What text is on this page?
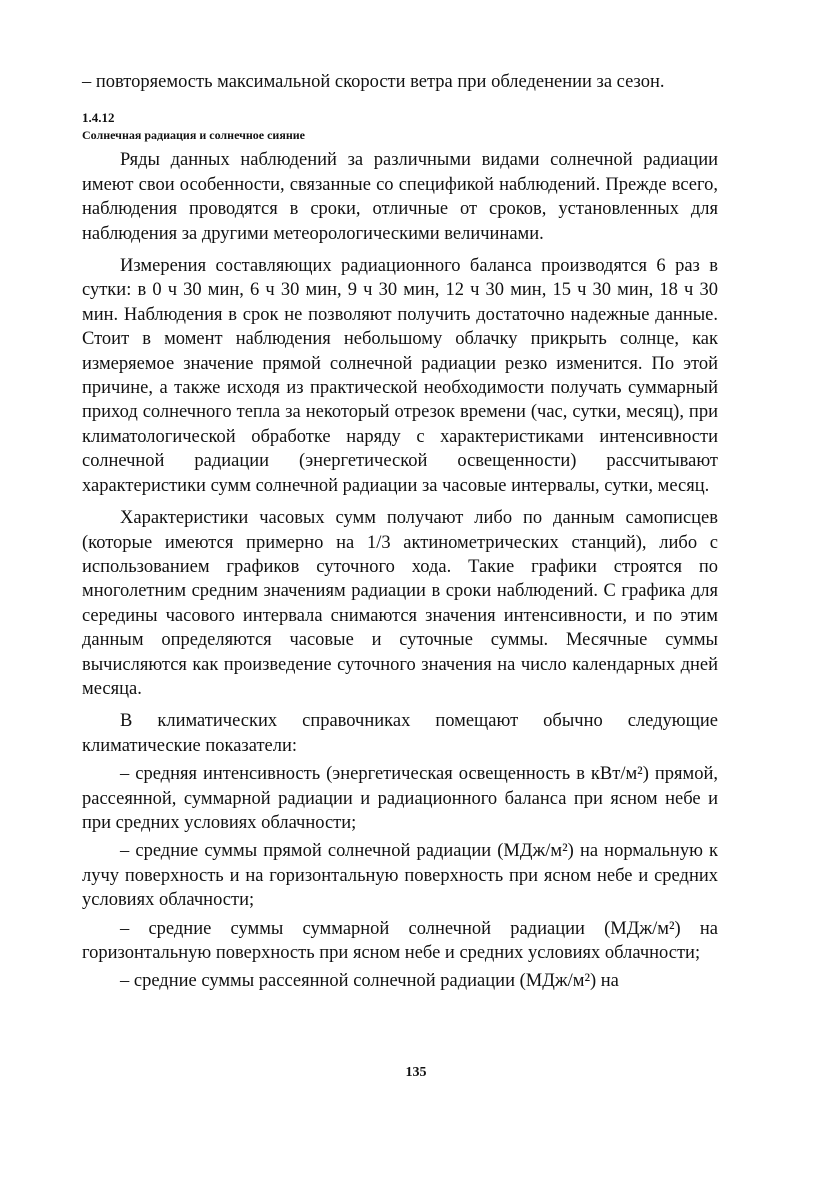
– повторяемость максимальной скорости ветра при обледенении за сезон.

1.4.12
Солнечная радиация и солнечное сияние

Ряды данных наблюдений за различными видами солнечной радиации имеют свои особенности, связанные со спецификой наблюдений. Прежде всего, наблюдения проводятся в сроки, отличные от сроков, установленных для наблюдения за другими метеорологическими величинами.

Измерения составляющих радиационного баланса производятся 6 раз в сутки: в 0 ч 30 мин, 6 ч 30 мин, 9 ч 30 мин, 12 ч 30 мин, 15 ч 30 мин, 18 ч 30 мин. Наблюдения в срок не позволяют получить достаточно надежные данные. Стоит в момент наблюдения небольшому облачку прикрыть солнце, как измеряемое значение прямой солнечной радиации резко изменится. По этой причине, а также исходя из практической необходимости получать суммарный приход солнечного тепла за некоторый отрезок времени (час, сутки, месяц), при климатологической обработке наряду с характеристиками интенсивности солнечной радиации (энергетической освещенности) рассчитывают характеристики сумм солнечной радиации за часовые интервалы, сутки, месяц.

Характеристики часовых сумм получают либо по данным самописцев (которые имеются примерно на 1/3 актинометрических станций), либо с использованием графиков суточного хода. Такие графики строятся по многолетним средним значениям радиации в сроки наблюдений. С графика для середины часового интервала снимаются значения интенсивности, и по этим данным определяются часовые и суточные суммы. Месячные суммы вычисляются как произведение суточного значения на число календарных дней месяца.

В климатических справочниках помещают обычно следующие климатические показатели:

– средняя интенсивность (энергетическая освещенность в кВт/м²) прямой, рассеянной, суммарной радиации и радиационного баланса при ясном небе и при средних условиях облачности;

– средние суммы прямой солнечной радиации (МДж/м²) на нормальную к лучу поверхность и на горизонтальную поверхность при ясном небе и средних условиях облачности;

– средние суммы суммарной солнечной радиации (МДж/м²) на горизонтальную поверхность при ясном небе и средних условиях облачности;

– средние суммы рассеянной солнечной радиации (МДж/м²) на

135
